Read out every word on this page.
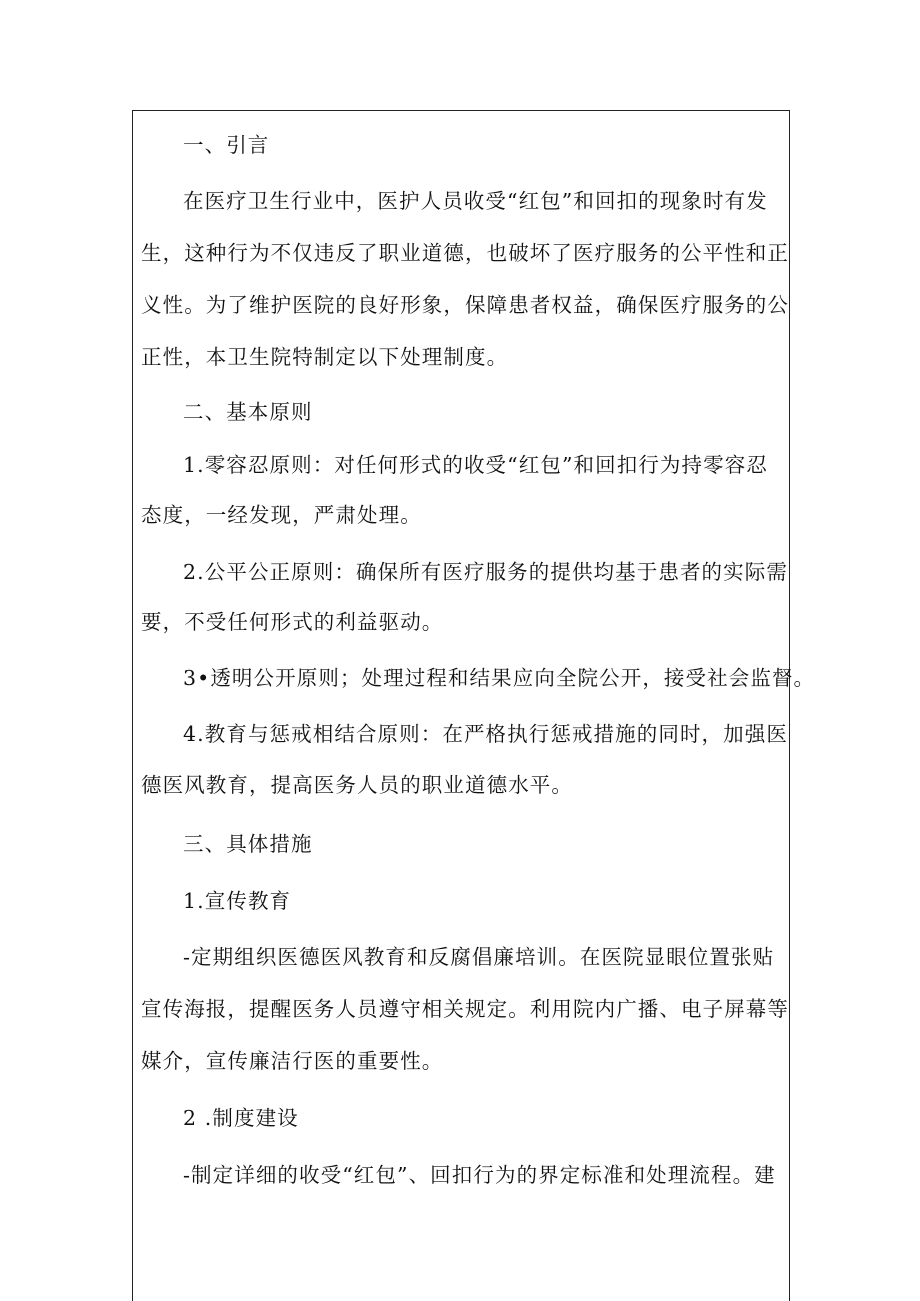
一、引言
在医疗卫生行业中，医护人员收受“红包”和回扣的现象时有发
生，这种行为不仅违反了职业道德，也破坏了医疗服务的公平性和正
义性。为了维护医院的良好形象，保障患者权益，确保医疗服务的公
正性，本卫生院特制定以下处理制度。
二、基本原则
1.零容忍原则：对任何形式的收受“红包”和回扣行为持零容忍
态度，一经发现，严肃处理。
2.公平公正原则：确保所有医疗服务的提供均基于患者的实际需
要，不受任何形式的利益驱动。
3•透明公开原则；处理过程和结果应向全院公开，接受社会监督。
4.教育与惩戒相结合原则：在严格执行惩戒措施的同时，加强医
德医风教育，提高医务人员的职业道德水平。
三、具体措施
1.宣传教育
-定期组织医德医风教育和反腐倡廉培训。在医院显眼位置张贴
宣传海报，提醒医务人员遵守相关规定。利用院内广播、电子屏幕等
媒介，宣传廉洁行医的重要性。
2 .制度建设
-制定详细的收受“红包”、回扣行为的界定标准和处理流程。建
